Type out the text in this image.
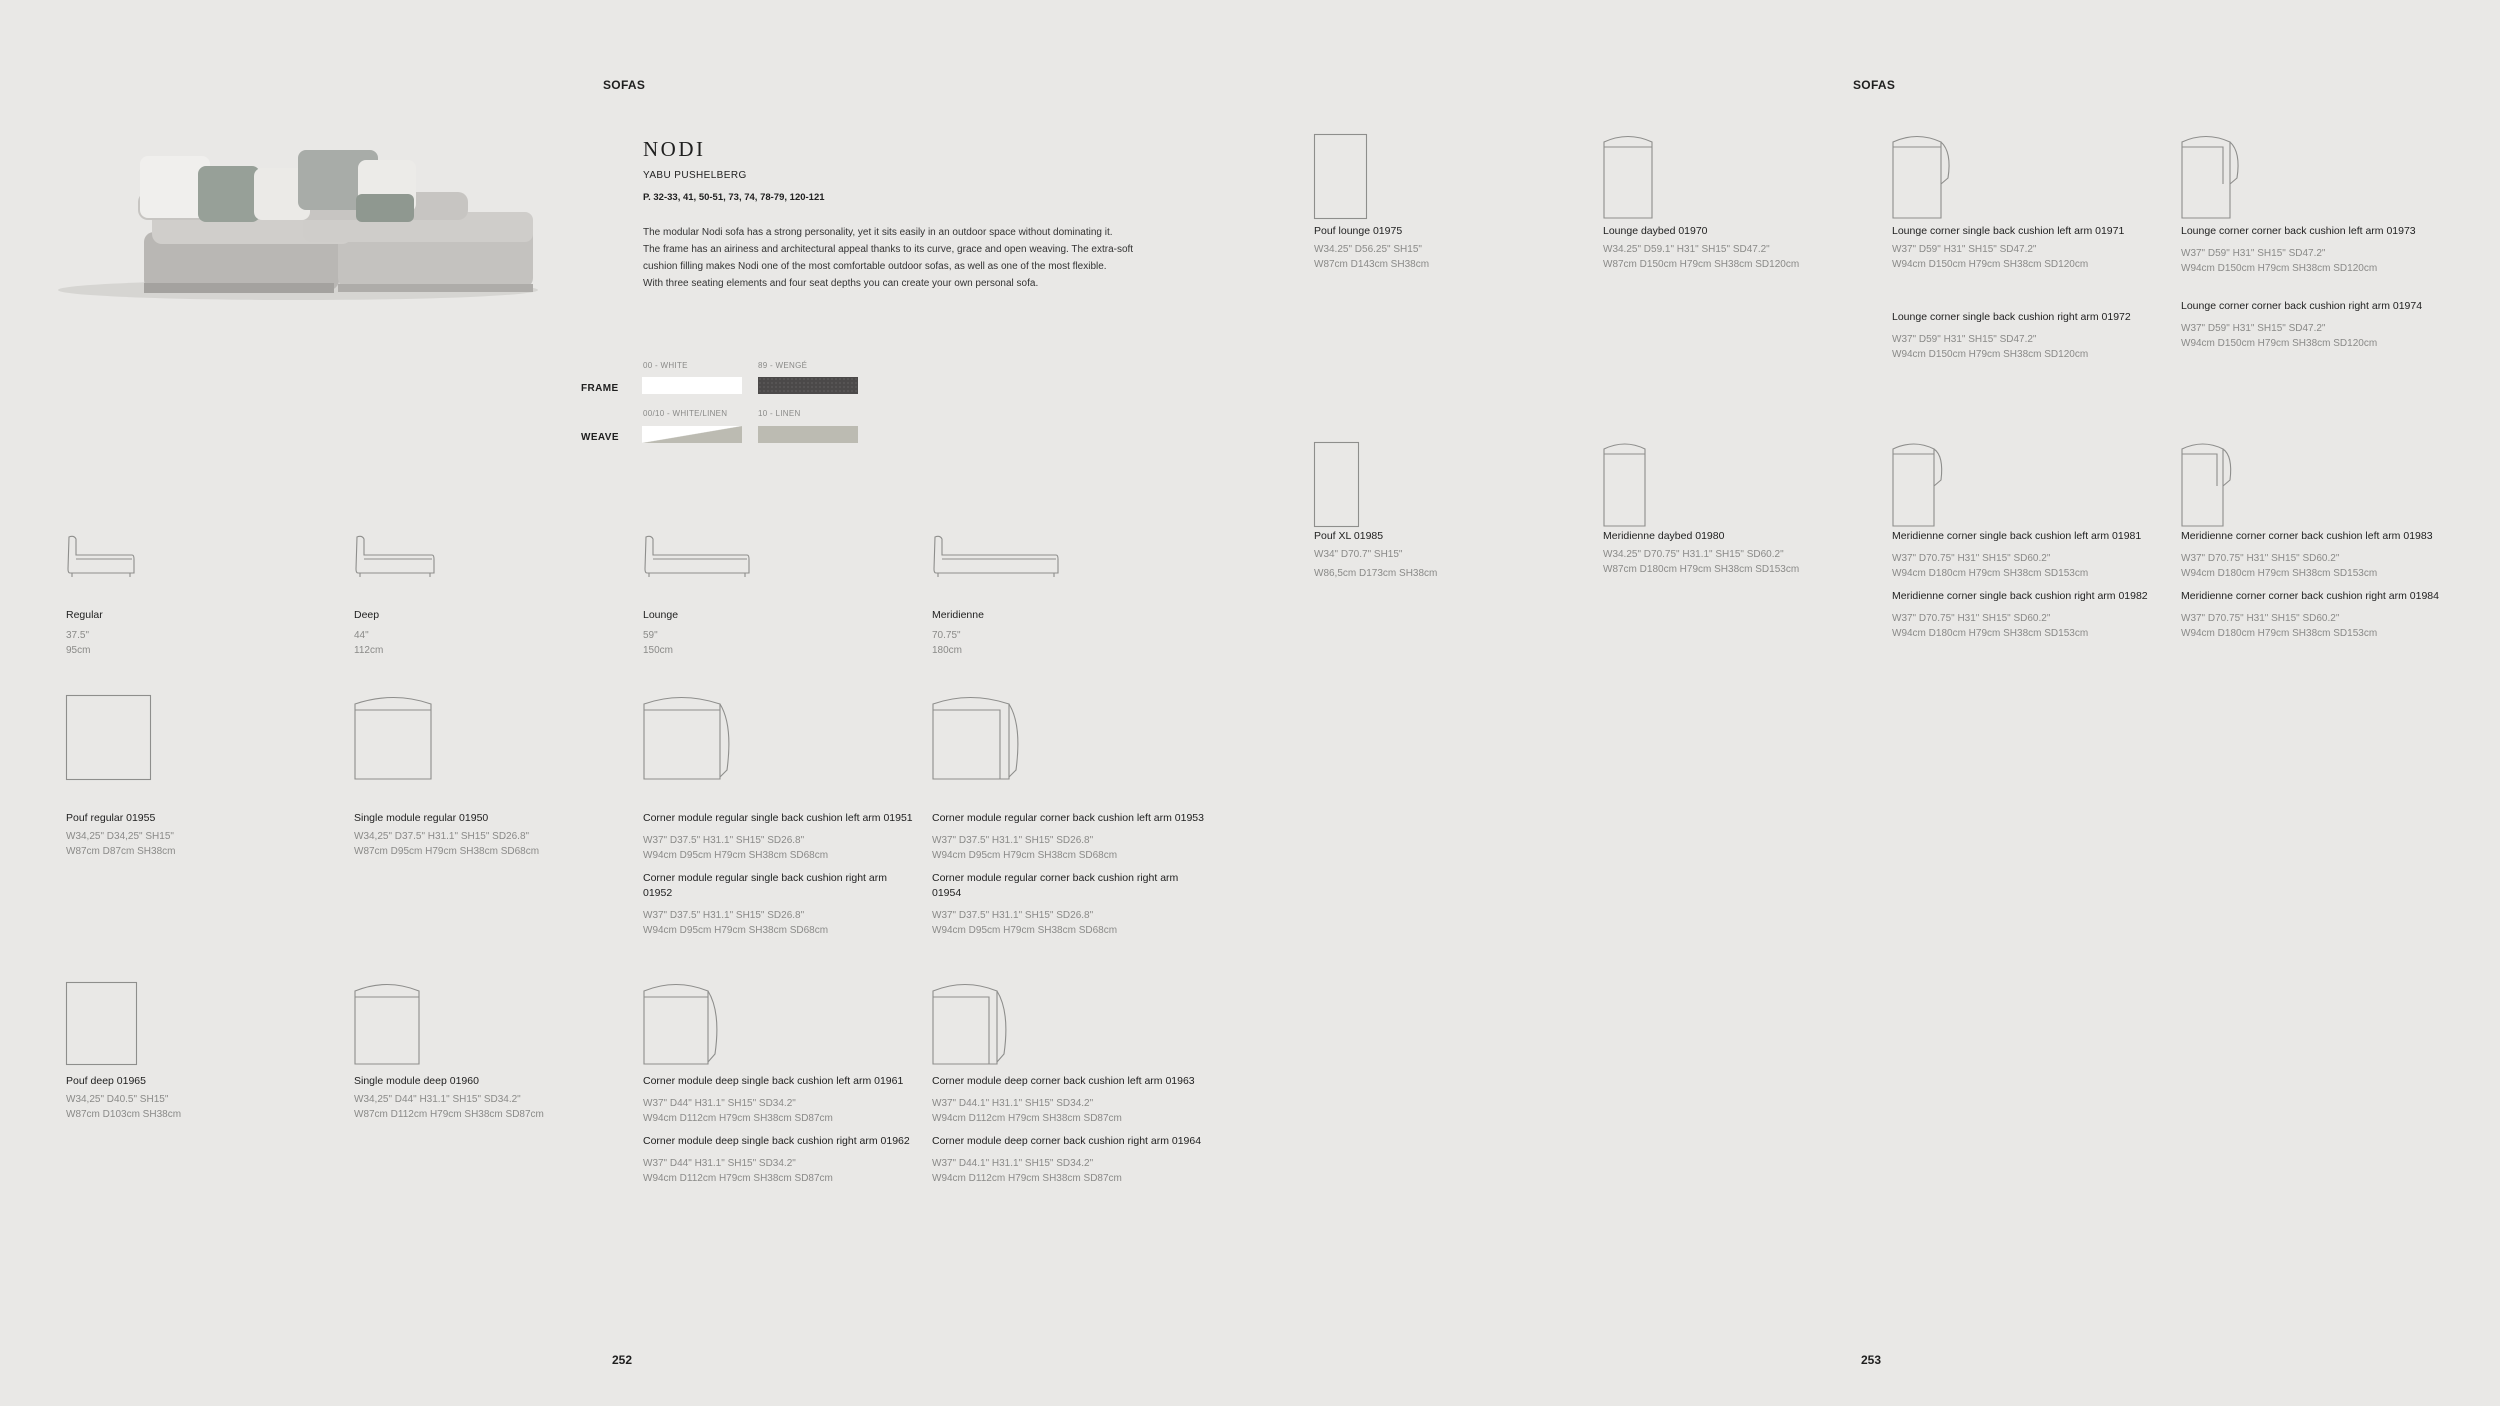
SOFAS
NODI
YABU PUSHELBERG
P. 32-33, 41, 50-51, 73, 74, 78-79, 120-121
The modular Nodi sofa has a strong personality, yet it sits easily in an outdoor space without dominating it.
The frame has an airiness and architectural appeal thanks to its curve, grace and open weaving. The extra-soft
cushion filling makes Nodi one of the most comfortable outdoor sofas, as well as one of the most flexible.
With three seating elements and four seat depths you can create your own personal sofa.
00 - WHITE	89 - WENGÉ
FRAME
00/10 - WHITE/LINEN	10 - LINEN
WEAVE
Regular
37.5"
95cm
Deep
44"
112cm
Lounge
59"
150cm
Meridienne
70.75"
180cm
Pouf regular 01955
W34,25" D34,25" SH15"
W87cm D87cm SH38cm
Single module regular 01950
W34,25" D37.5" H31.1" SH15" SD26.8"
W87cm D95cm H79cm SH38cm SD68cm
Corner module regular single back cushion left arm 01951
W37" D37.5" H31.1" SH15" SD26.8"
W94cm D95cm H79cm SH38cm SD68cm
Corner module regular single back cushion right arm 01952
W37" D37.5" H31.1" SH15" SD26.8"
W94cm D95cm H79cm SH38cm SD68cm
Corner module regular corner back cushion left arm 01953
W37" D37.5" H31.1" SH15" SD26.8"
W94cm D95cm H79cm SH38cm SD68cm
Corner module regular corner back cushion right arm 01954
W37" D37.5" H31.1" SH15" SD26.8"
W94cm D95cm H79cm SH38cm SD68cm
Pouf deep 01965
W34,25" D40.5" SH15"
W87cm D103cm SH38cm
Single module deep 01960
W34,25" D44" H31.1" SH15" SD34.2"
W87cm D112cm H79cm SH38cm SD87cm
Corner module deep single back cushion left arm 01961
W37" D44" H31.1" SH15" SD34.2"
W94cm D112cm H79cm SH38cm SD87cm
Corner module deep single back cushion right arm 01962
W37" D44" H31.1" SH15" SD34.2"
W94cm D112cm H79cm SH38cm SD87cm
Corner module deep corner back cushion left arm 01963
W37" D44.1" H31.1" SH15" SD34.2"
W94cm D112cm H79cm SH38cm SD87cm
Corner module deep corner back cushion right arm 01964
W37" D44.1" H31.1" SH15" SD34.2"
W94cm D112cm H79cm SH38cm SD87cm
252
SOFAS
Pouf lounge 01975
W34.25" D56.25" SH15"
W87cm D143cm SH38cm
Lounge daybed 01970
W34.25" D59.1" H31" SH15" SD47.2"
W87cm D150cm H79cm SH38cm SD120cm
Lounge corner single back cushion left arm 01971
W37" D59" H31" SH15" SD47.2"
W94cm D150cm H79cm SH38cm SD120cm
Lounge corner single back cushion right arm 01972
W37" D59" H31" SH15" SD47.2"
W94cm D150cm H79cm SH38cm SD120cm
Lounge corner corner back cushion left arm 01973
W37" D59" H31" SH15" SD47.2"
W94cm D150cm H79cm SH38cm SD120cm
Lounge corner corner back cushion right arm 01974
W37" D59" H31" SH15" SD47.2"
W94cm D150cm H79cm SH38cm SD120cm
Pouf XL 01985
W34" D70.7" SH15"
W86,5cm D173cm SH38cm
Meridienne daybed 01980
W34.25" D70.75" H31.1" SH15" SD60.2"
W87cm D180cm H79cm SH38cm SD153cm
Meridienne corner single back cushion left arm 01981
W37" D70.75" H31" SH15" SD60.2"
W94cm D180cm H79cm SH38cm SD153cm
Meridienne corner single back cushion right arm 01982
W37" D70.75" H31" SH15" SD60.2"
W94cm D180cm H79cm SH38cm SD153cm
Meridienne corner corner back cushion left arm 01983
W37" D70.75" H31" SH15" SD60.2"
W94cm D180cm H79cm SH38cm SD153cm
Meridienne corner corner back cushion right arm 01984
W37" D70.75" H31" SH15" SD60.2"
W94cm D180cm H79cm SH38cm SD153cm
253
